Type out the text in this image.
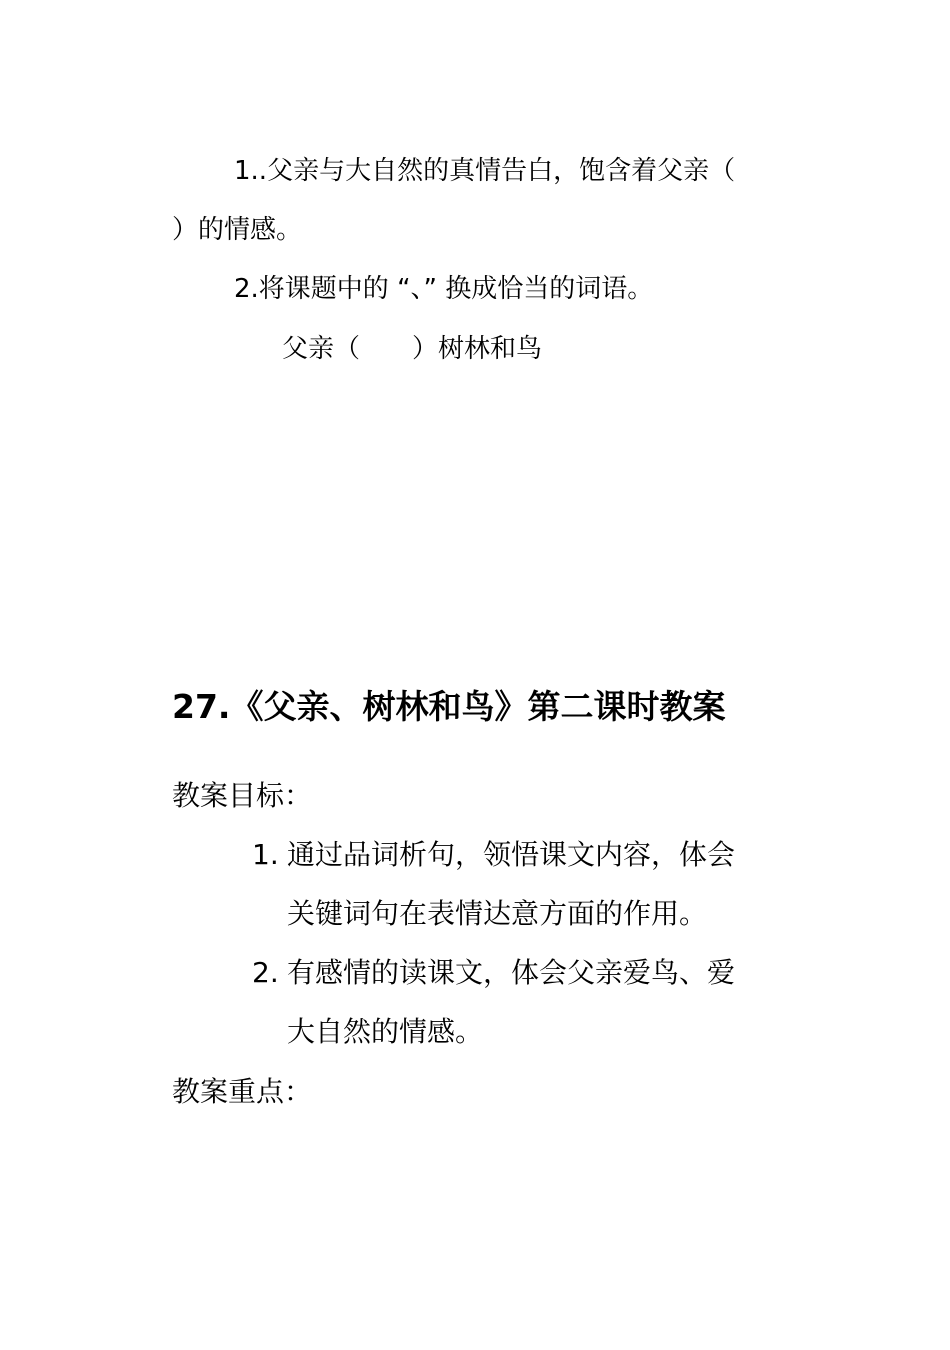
1..父亲与大自然的真情告白，饱含着父亲（
）的情感。
2.将课题中的 “、” 换成恰当的词语。
父亲（　　）树林和鸟
27.《父亲、树林和鸟》第二课时教案
教案目标：
1. 通过品词析句，领悟课文内容，体会
关键词句在表情达意方面的作用。
2. 有感情的读课文，体会父亲爱鸟、爱
大自然的情感。
教案重点：
